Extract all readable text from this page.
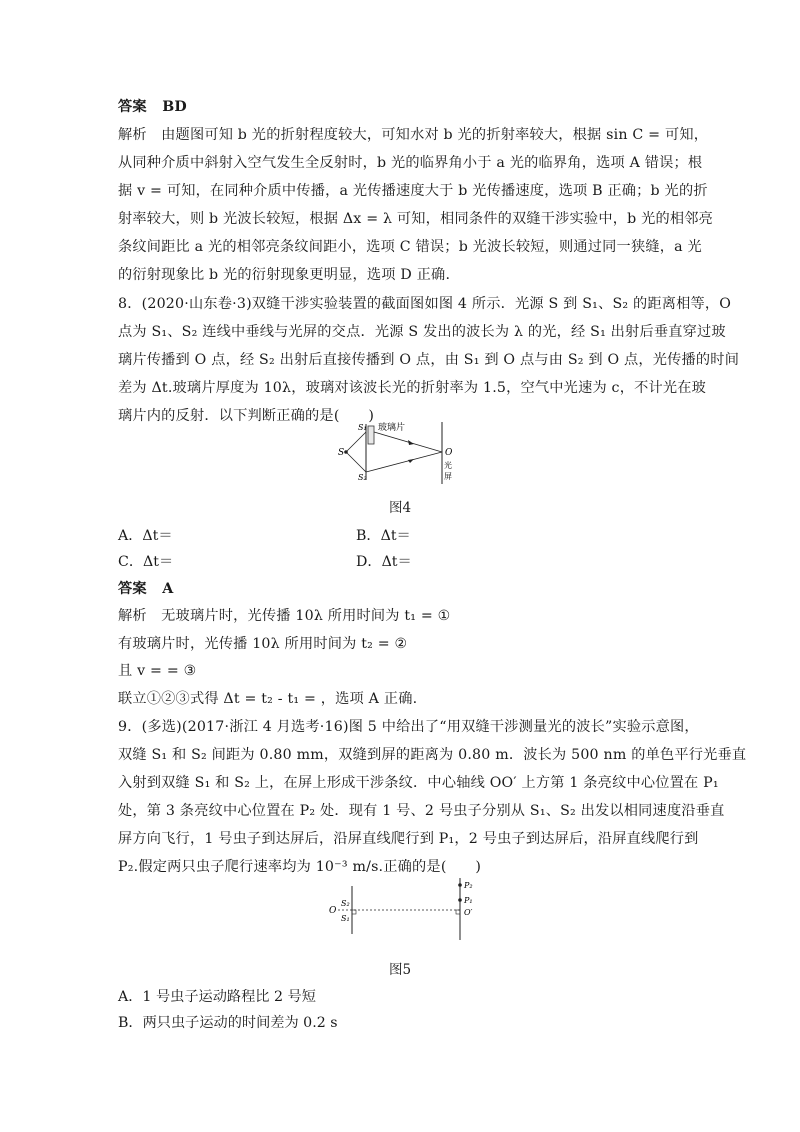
答案 BD
解析　由题图可知 b 光的折射程度较大，可知水对 b 光的折射率较大，根据 sin C = 可知，
从同种介质中斜射入空气发生全反射时，b 光的临界角小于 a 光的临界角，选项 A 错误；根
据 v = 可知，在同种介质中传播，a 光传播速度大于 b 光传播速度，选项 B 正确；b 光的折
射率较大，则 b 光波长较短，根据 Δx = λ 可知，相同条件的双缝干涉实验中，b 光的相邻亮
条纹间距比 a 光的相邻亮条纹间距小，选项 C 错误；b 光波长较短，则通过同一狭缝，a 光
的衍射现象比 b 光的衍射现象更明显，选项 D 正确.
8．(2020·山东卷·3)双缝干涉实验装置的截面图如图 4 所示．光源 S 到 S₁、S₂ 的距离相等，O
点为 S₁、S₂ 连线中垂线与光屏的交点．光源 S 发出的波长为 λ 的光，经 S₁ 出射后垂直穿过玻
璃片传播到 O 点，经 S₂ 出射后直接传播到 O 点，由 S₁ 到 O 点与由 S₂ 到 O 点，光传播的时间
差为 Δt.玻璃片厚度为 10λ，玻璃对该波长光的折射率为 1.5，空气中光速为 c，不计光在玻
璃片内的反射．以下判断正确的是(　　)
S
S₁
S₂
玻璃片
O
光
屏
图4
A．Δt＝	B．Δt＝
C．Δt＝	D．Δt＝
答案 A
解析　无玻璃片时，光传播 10λ 所用时间为 t₁ = ①
有玻璃片时，光传播 10λ 所用时间为 t₂ = ②
且 v = = ③
联立①②③式得 Δt = t₂ - t₁ = ，选项 A 正确.
9．(多选)(2017·浙江 4 月选考·16)图 5 中给出了“用双缝干涉测量光的波长”实验示意图，
双缝 S₁ 和 S₂ 间距为 0.80 mm，双缝到屏的距离为 0.80 m．波长为 500 nm 的单色平行光垂直
入射到双缝 S₁ 和 S₂ 上，在屏上形成干涉条纹．中心轴线 OO′ 上方第 1 条亮纹中心位置在 P₁
处，第 3 条亮纹中心位置在 P₂ 处．现有 1 号、2 号虫子分别从 S₁、S₂ 出发以相同速度沿垂直
屏方向飞行，1 号虫子到达屏后，沿屏直线爬行到 P₁，2 号虫子到达屏后，沿屏直线爬行到
P₂.假定两只虫子爬行速率均为 10⁻³ m/s.正确的是(　　)
O
S₂
S₁
P₂
P₁
O′
图5
A．1 号虫子运动路程比 2 号短
B．两只虫子运动的时间差为 0.2 s
